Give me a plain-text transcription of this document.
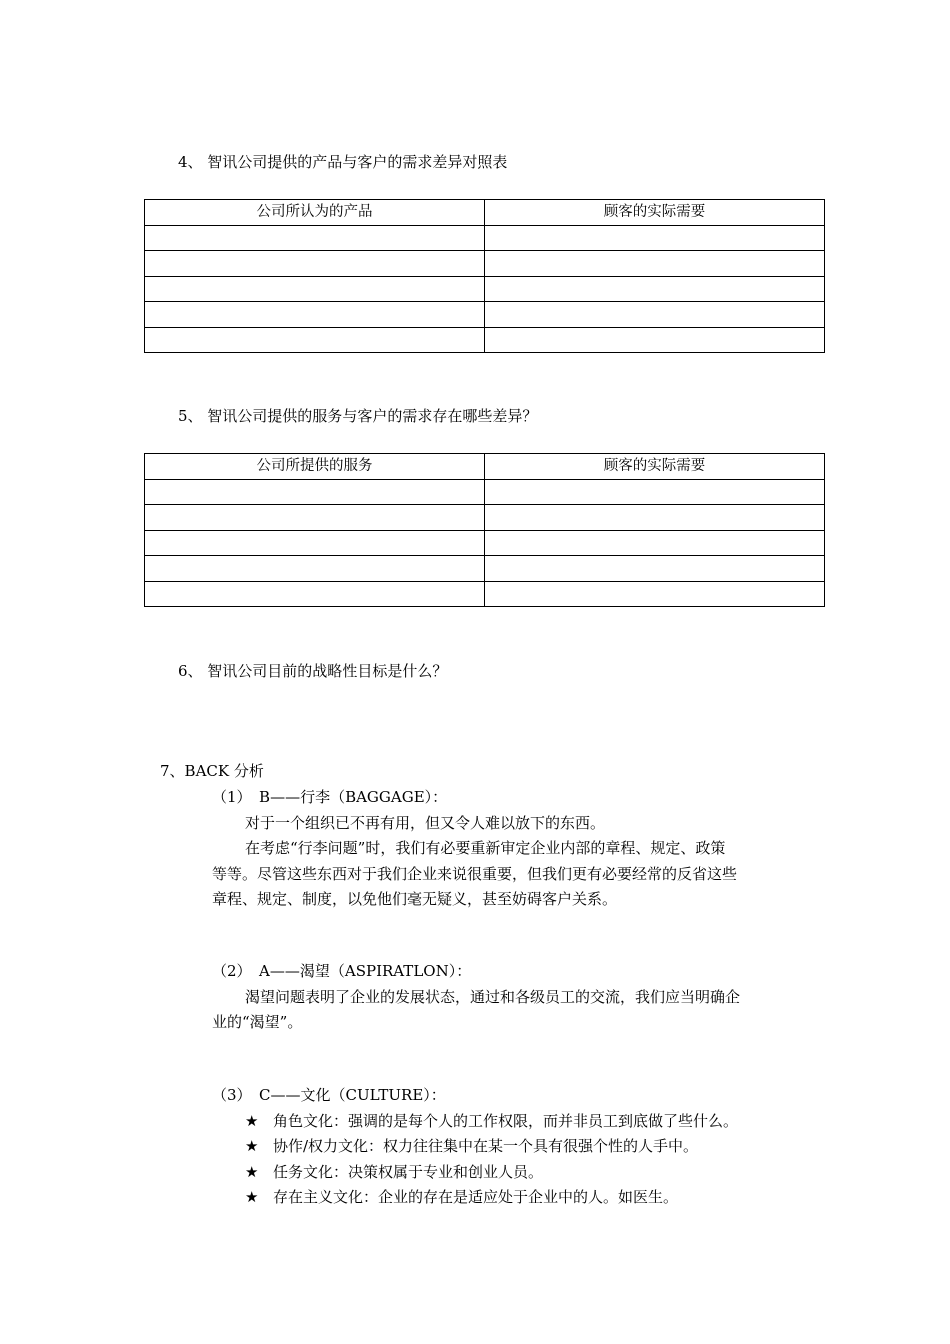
4、 智讯公司提供的产品与客户的需求差异对照表
公司所认为的产品	顾客的实际需要

5、 智讯公司提供的服务与客户的需求存在哪些差异？
公司所提供的服务	顾客的实际需要

6、 智讯公司目前的战略性目标是什么？
7、BACK 分析
（1）　B——行李（BAGGAGE）：
对于一个组织已不再有用，但又令人难以放下的东西。
在考虑“行李问题”时，我们有必要重新审定企业内部的章程、规定、政策
等等。尽管这些东西对于我们企业来说很重要，但我们更有必要经常的反省这些
章程、规定、制度，以免他们毫无疑义，甚至妨碍客户关系。
（2）　A——渴望（ASPIRATLON）：
渴望问题表明了企业的发展状态，通过和各级员工的交流，我们应当明确企
业的“渴望”。
（3）　C——文化（CULTURE）：
★ 角色文化：强调的是每个人的工作权限，而并非员工到底做了些什么。
★ 协作/权力文化：权力往往集中在某一个具有很强个性的人手中。
★ 任务文化：决策权属于专业和创业人员。
★ 存在主义文化：企业的存在是适应处于企业中的人。如医生。
